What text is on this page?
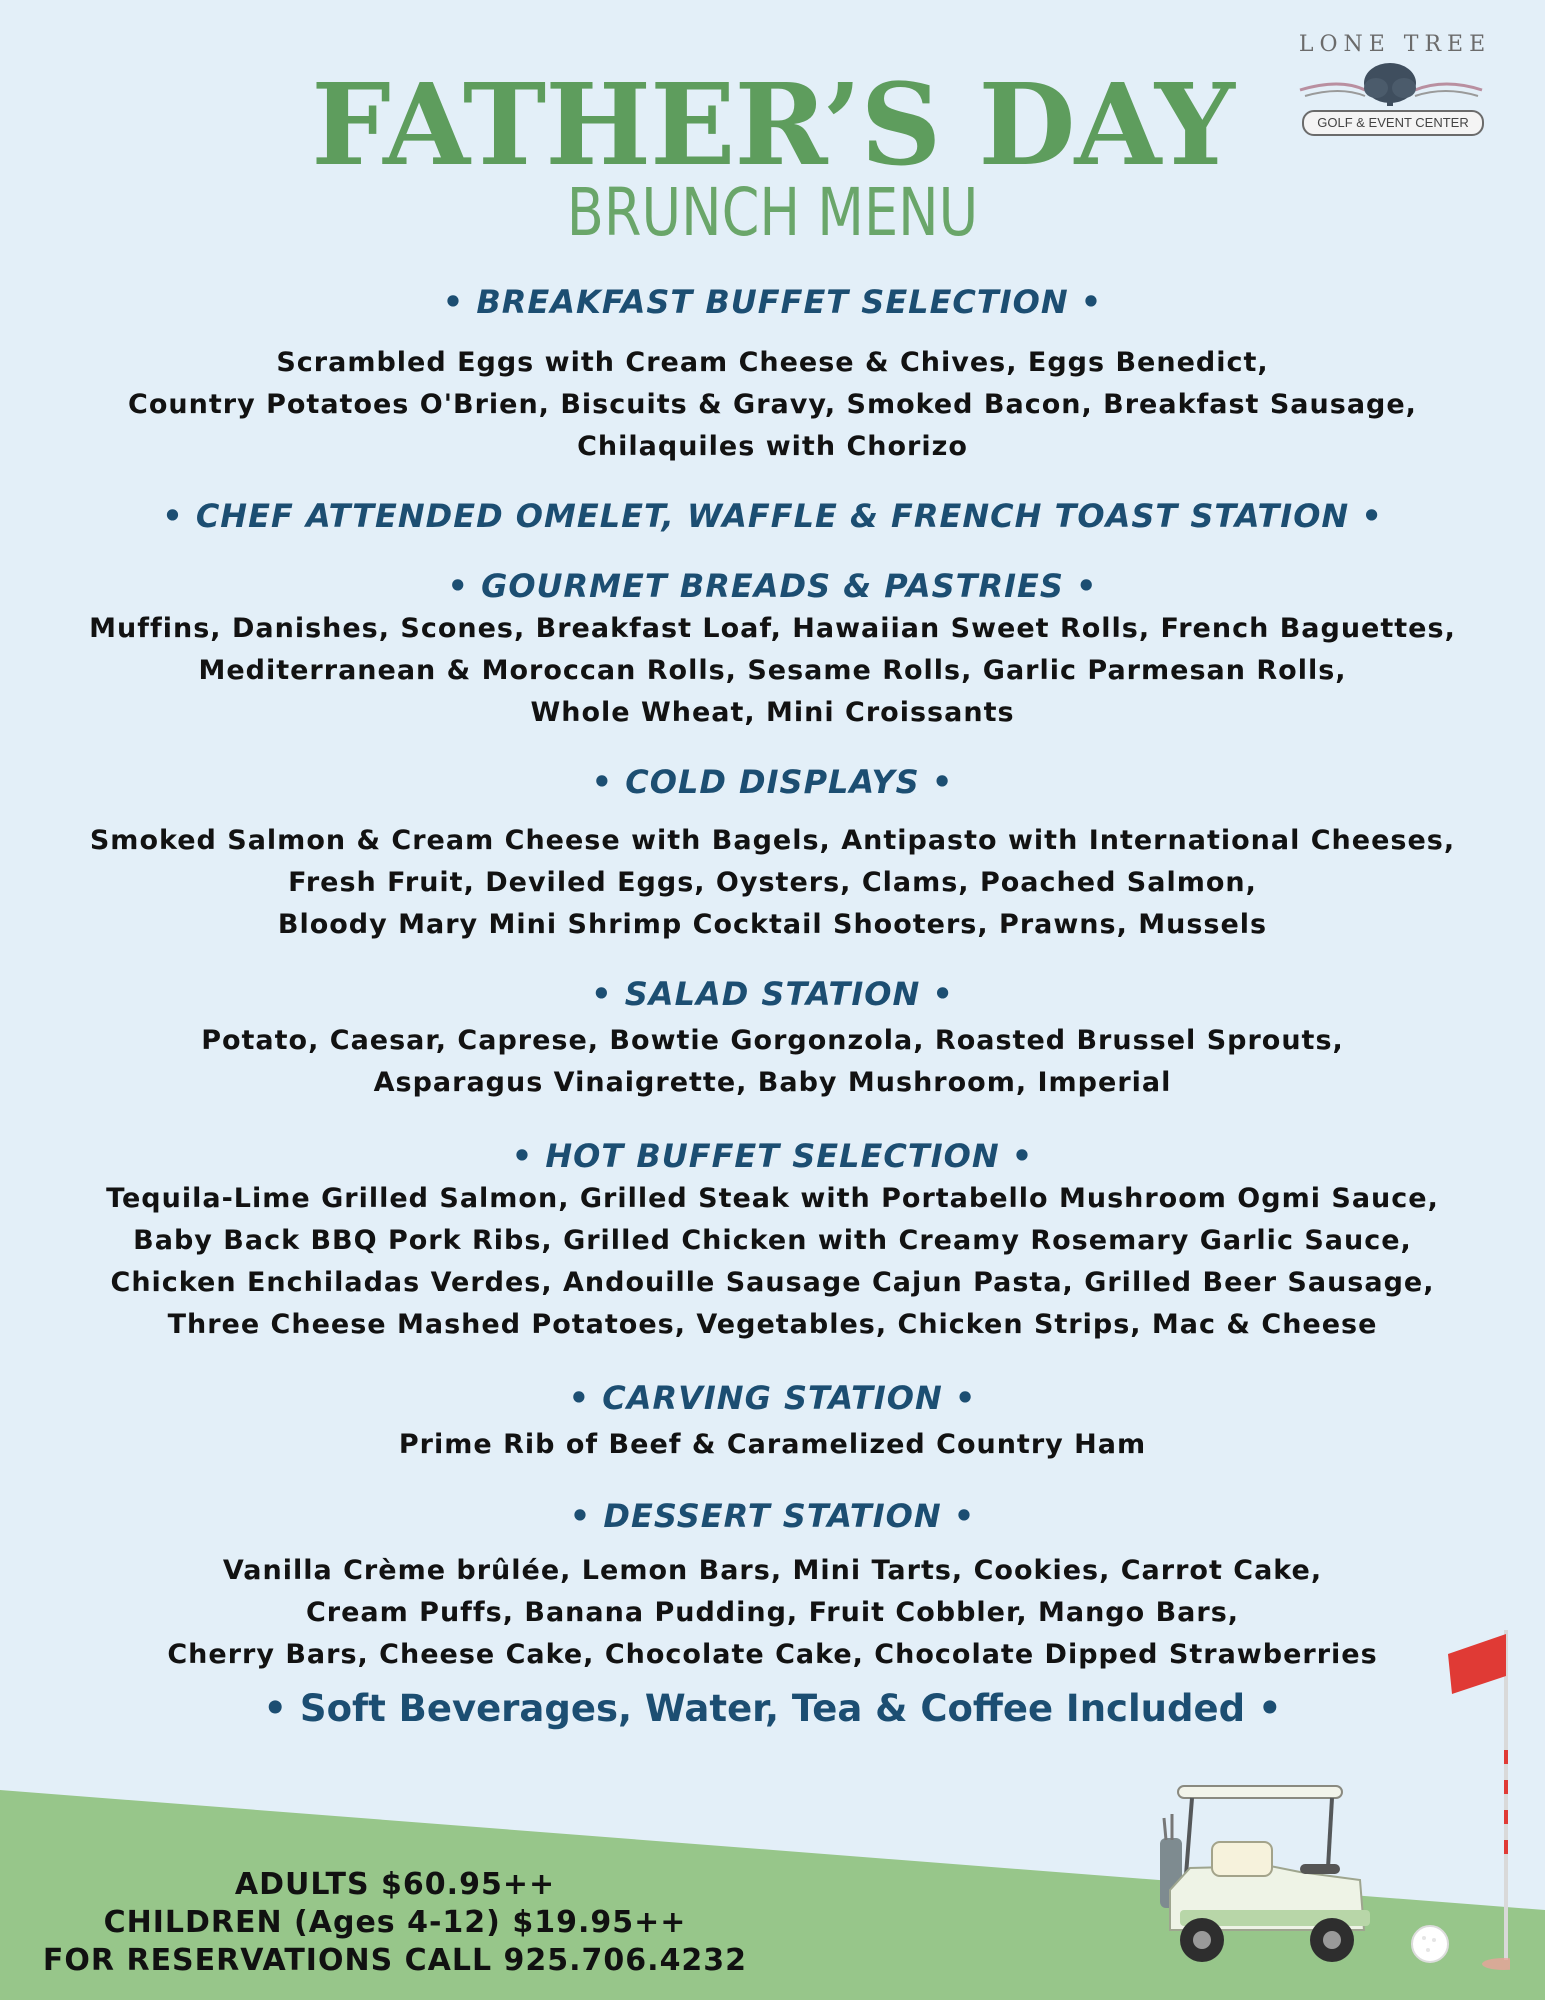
LONE TREE
GOLF & EVENT CENTER
FATHER’S DAY
BRUNCH MENU

• BREAKFAST BUFFET SELECTION •

Scrambled Eggs with Cream Cheese & Chives, Eggs Benedict,

Country Potatoes O'Brien, Biscuits & Gravy, Smoked Bacon, Breakfast Sausage,

Chilaquiles with Chorizo

• CHEF ATTENDED OMELET, WAFFLE & FRENCH TOAST STATION •

• GOURMET BREADS & PASTRIES •

Muffins, Danishes, Scones, Breakfast Loaf, Hawaiian Sweet Rolls, French Baguettes,

Mediterranean & Moroccan Rolls, Sesame Rolls, Garlic Parmesan Rolls,

Whole Wheat, Mini Croissants

• COLD DISPLAYS •

Smoked Salmon & Cream Cheese with Bagels, Antipasto with International Cheeses,

Fresh Fruit, Deviled Eggs, Oysters, Clams, Poached Salmon,

Bloody Mary Mini Shrimp Cocktail Shooters, Prawns, Mussels

• SALAD STATION •

Potato, Caesar, Caprese, Bowtie Gorgonzola, Roasted Brussel Sprouts,

Asparagus Vinaigrette, Baby Mushroom, Imperial

• HOT BUFFET SELECTION •

Tequila-Lime Grilled Salmon, Grilled Steak with Portabello Mushroom Ogmi Sauce,

Baby Back BBQ Pork Ribs, Grilled Chicken with Creamy Rosemary Garlic Sauce,

Chicken Enchiladas Verdes, Andouille Sausage Cajun Pasta, Grilled Beer Sausage,

Three Cheese Mashed Potatoes, Vegetables, Chicken Strips, Mac & Cheese

• CARVING STATION •

Prime Rib of Beef & Caramelized Country Ham

• DESSERT STATION •

Vanilla Crème brûlée, Lemon Bars, Mini Tarts, Cookies, Carrot Cake,

Cream Puffs, Banana Pudding, Fruit Cobbler, Mango Bars,

Cherry Bars, Cheese Cake, Chocolate Cake, Chocolate Dipped Strawberries

• Soft Beverages, Water, Tea & Coffee Included •

ADULTS $60.95++
CHILDREN (Ages 4-12) $19.95++
FOR RESERVATIONS CALL 925.706.4232
